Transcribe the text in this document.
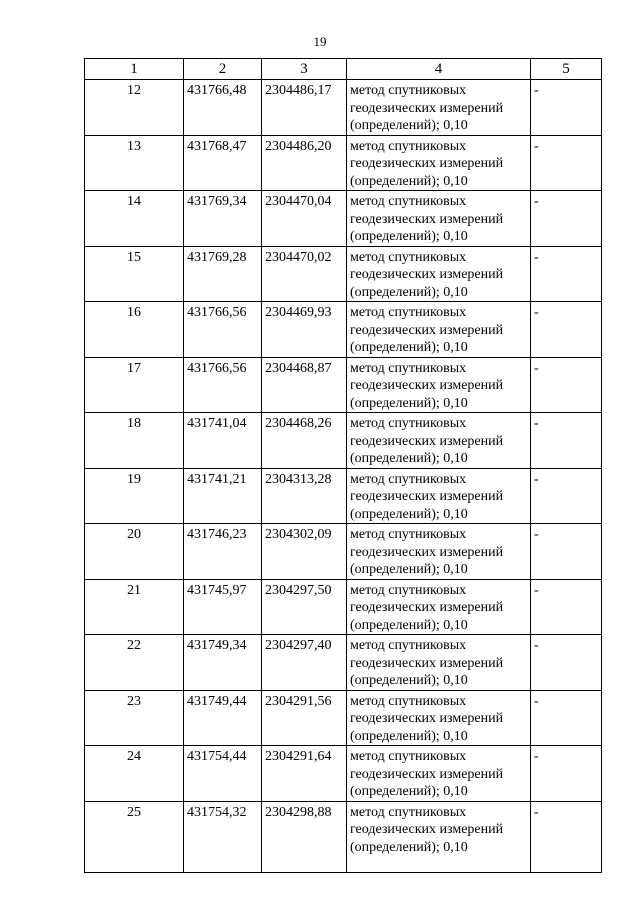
19
1	2	3	4	5
12	431766,48	2304486,17	метод спутниковых геодезических измерений (определений); 0,10	-
13	431768,47	2304486,20	метод спутниковых геодезических измерений (определений); 0,10	-
14	431769,34	2304470,04	метод спутниковых геодезических измерений (определений); 0,10	-
15	431769,28	2304470,02	метод спутниковых геодезических измерений (определений); 0,10	-
16	431766,56	2304469,93	метод спутниковых геодезических измерений (определений); 0,10	-
17	431766,56	2304468,87	метод спутниковых геодезических измерений (определений); 0,10	-
18	431741,04	2304468,26	метод спутниковых геодезических измерений (определений); 0,10	-
19	431741,21	2304313,28	метод спутниковых геодезических измерений (определений); 0,10	-
20	431746,23	2304302,09	метод спутниковых геодезических измерений (определений); 0,10	-
21	431745,97	2304297,50	метод спутниковых геодезических измерений (определений); 0,10	-
22	431749,34	2304297,40	метод спутниковых геодезических измерений (определений); 0,10	-
23	431749,44	2304291,56	метод спутниковых геодезических измерений (определений); 0,10	-
24	431754,44	2304291,64	метод спутниковых геодезических измерений (определений); 0,10	-
25	431754,32	2304298,88	метод спутниковых геодезических измерений (определений); 0,10	-
